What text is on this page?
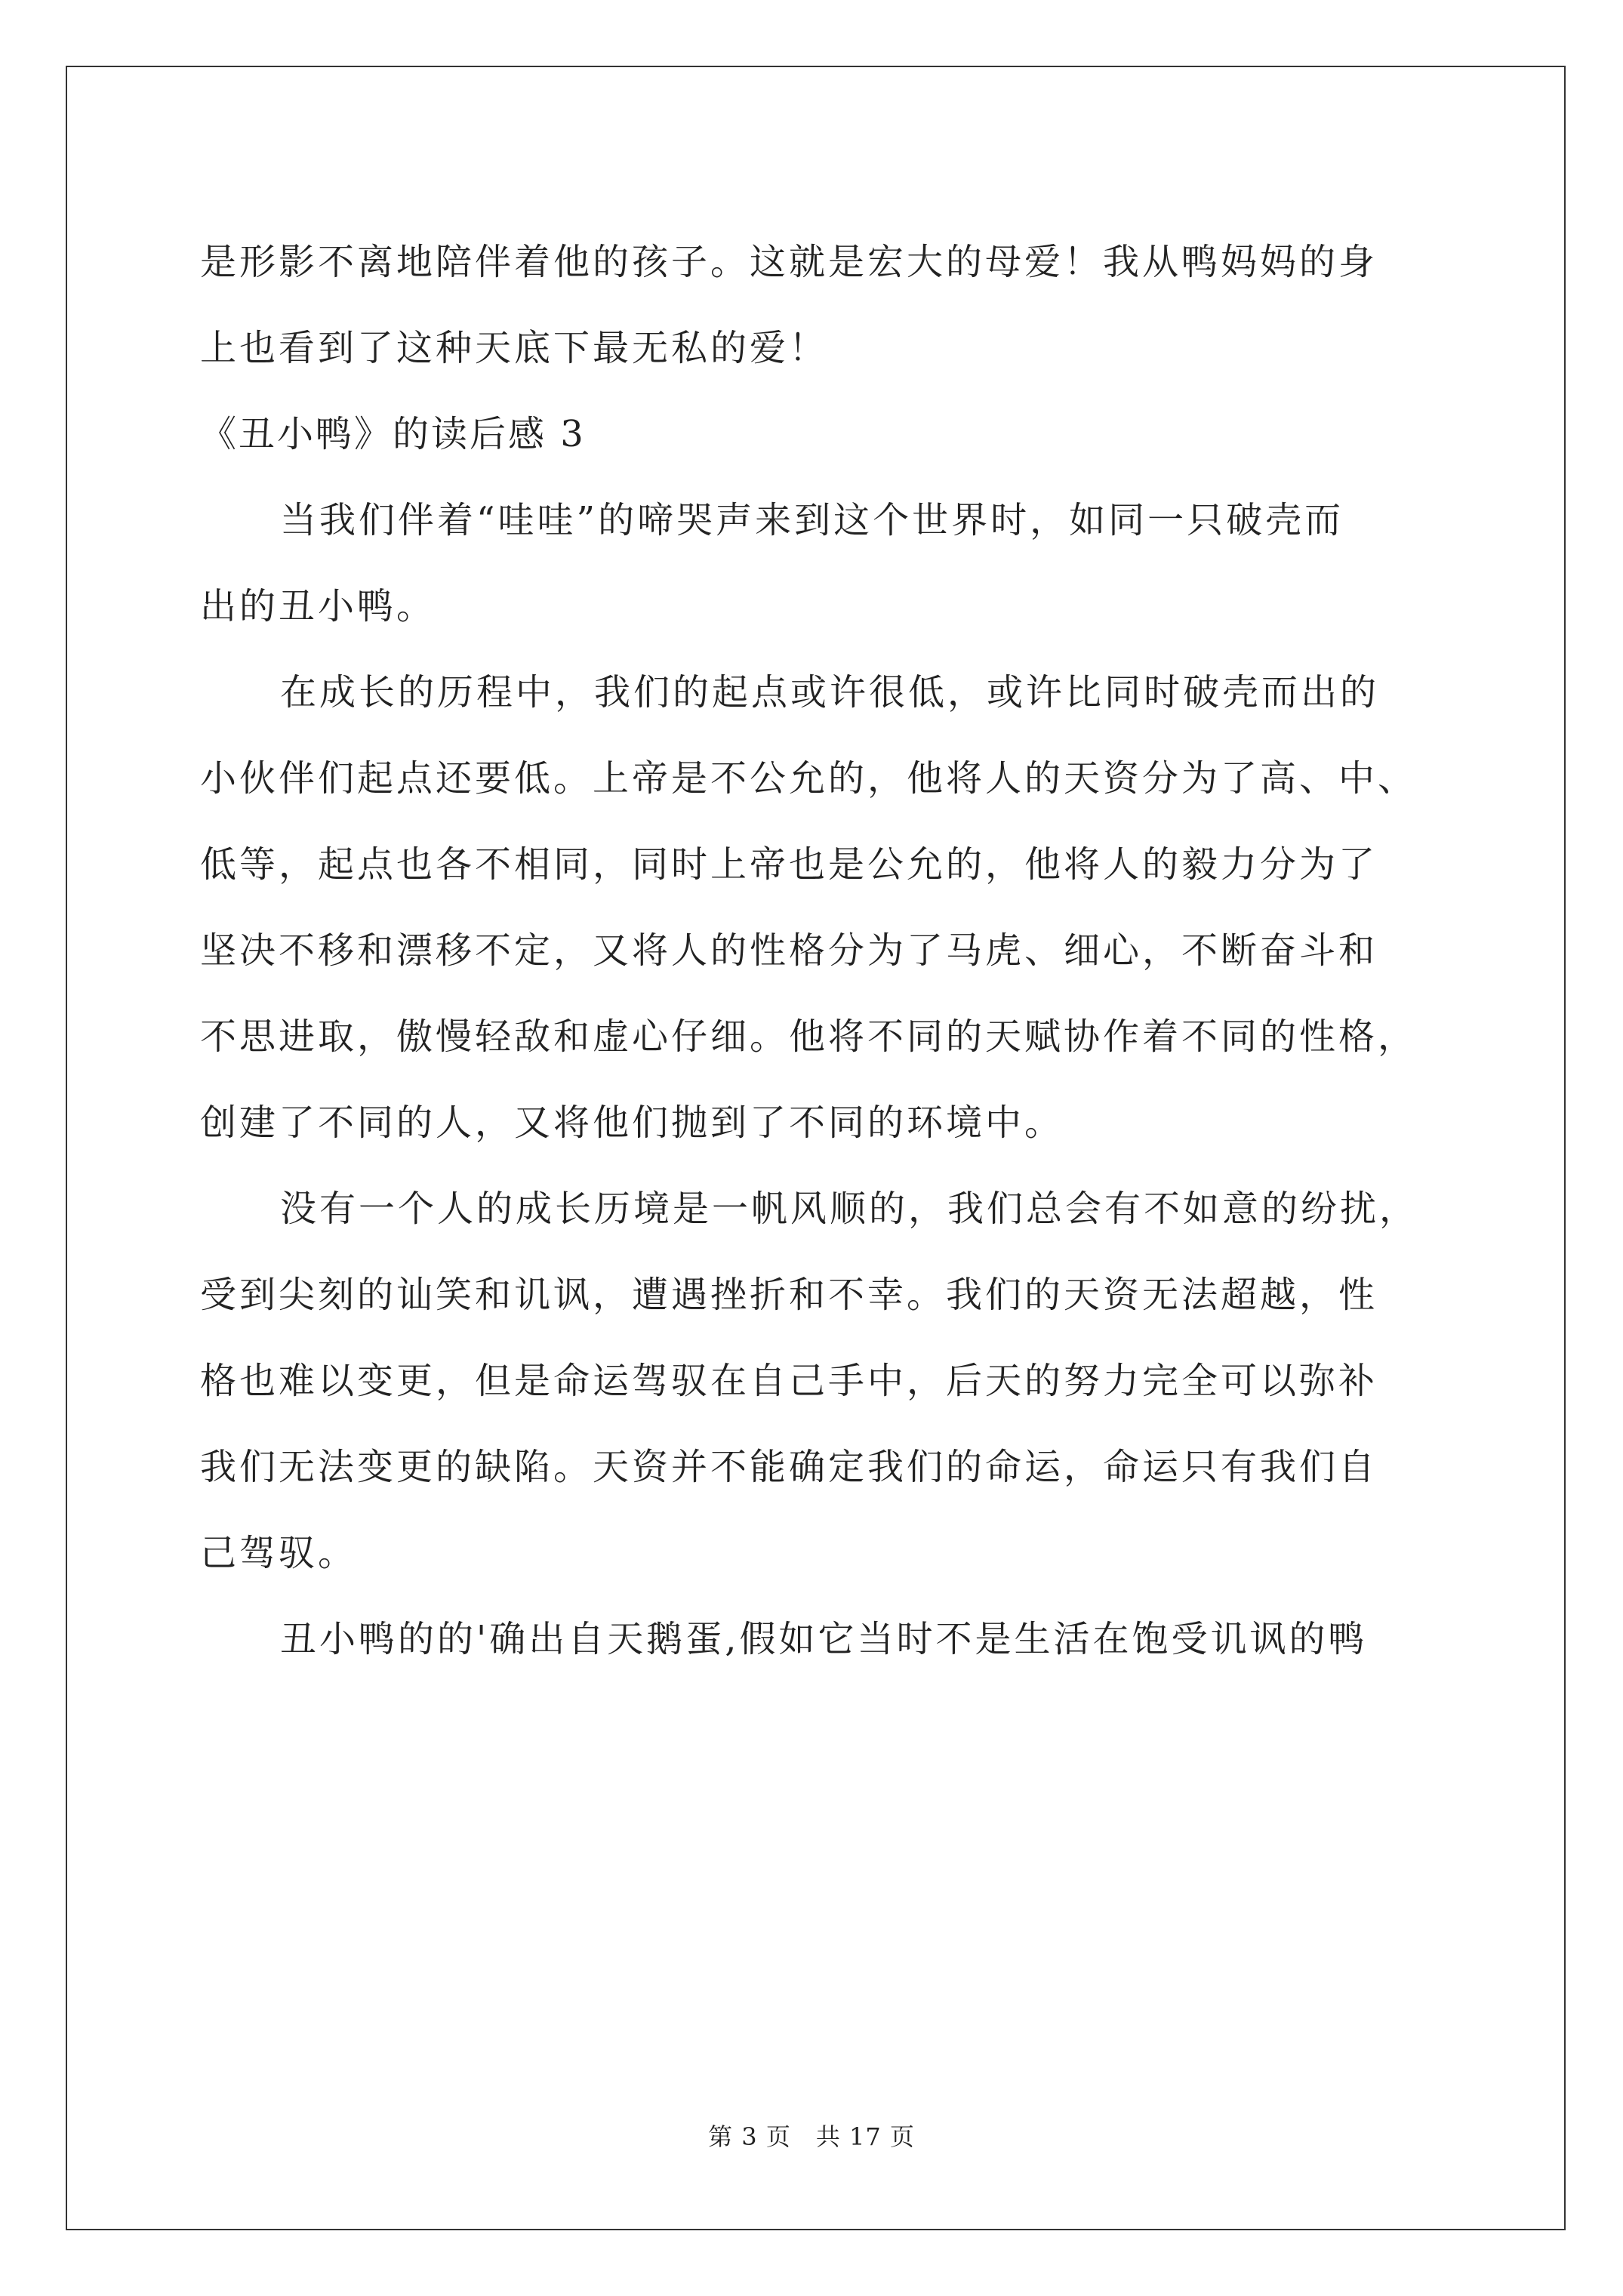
是形影不离地陪伴着他的孩子。这就是宏大的母爱！我从鸭妈妈的身

上也看到了这种天底下最无私的爱！

《丑小鸭》的读后感 3

当我们伴着“哇哇”的啼哭声来到这个世界时，如同一只破壳而

出的丑小鸭。

在成长的历程中，我们的起点或许很低，或许比同时破壳而出的

小伙伴们起点还要低。上帝是不公允的，他将人的天资分为了高、中、

低等，起点也各不相同，同时上帝也是公允的，他将人的毅力分为了

坚决不移和漂移不定，又将人的性格分为了马虎、细心，不断奋斗和

不思进取，傲慢轻敌和虚心仔细。他将不同的天赋协作着不同的性格，

创建了不同的人，又将他们抛到了不同的环境中。

没有一个人的成长历境是一帆风顺的，我们总会有不如意的纷扰，

受到尖刻的讪笑和讥讽，遭遇挫折和不幸。我们的天资无法超越，性

格也难以变更，但是命运驾驭在自己手中，后天的努力完全可以弥补

我们无法变更的缺陷。天资并不能确定我们的命运，命运只有我们自

己驾驭。

丑小鸭的的'确出自天鹅蛋,假如它当时不是生活在饱受讥讽的鸭

第 3 页　共 17 页
